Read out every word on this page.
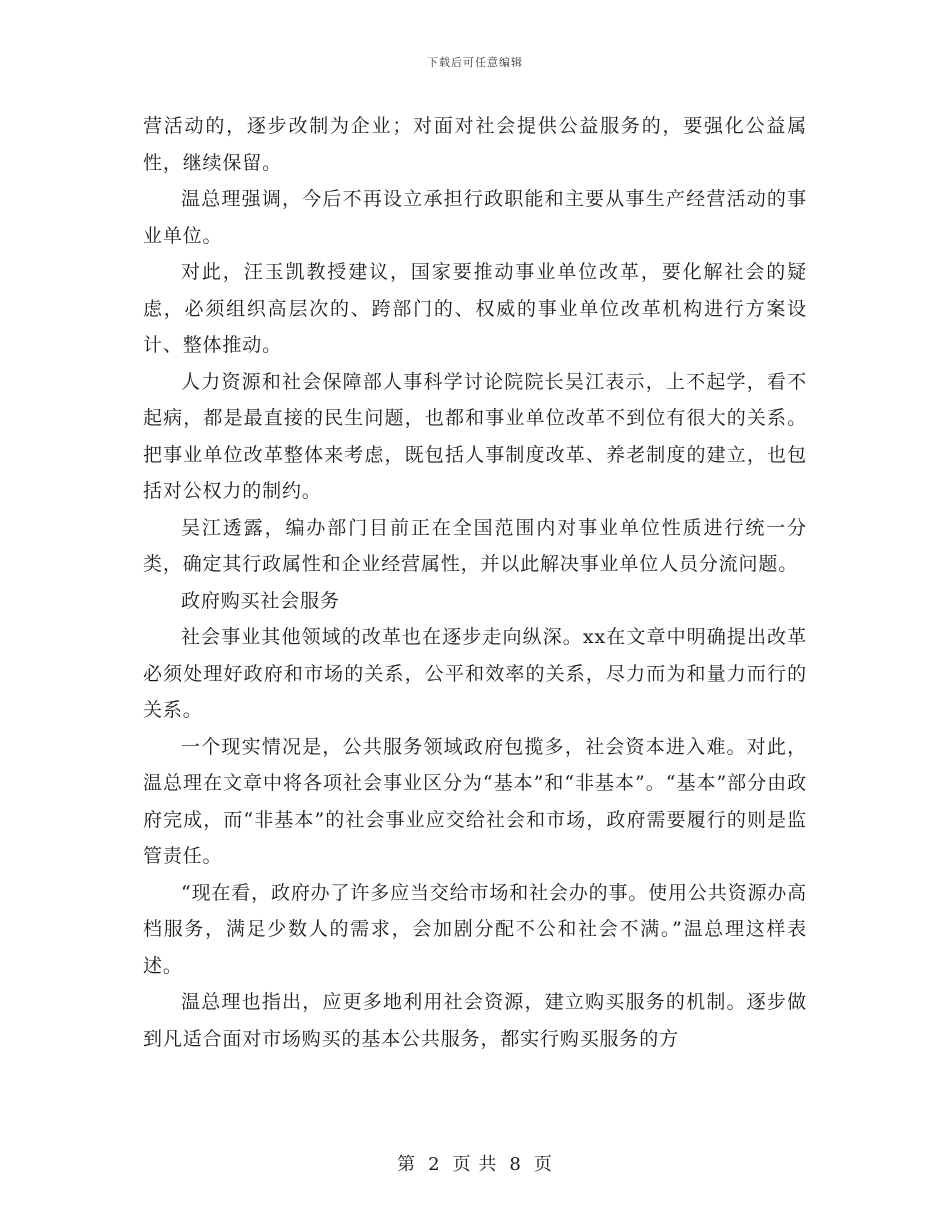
下载后可任意编辑

营活动的，逐步改制为企业；对面对社会提供公益服务的，要强化公益属性，继续保留。

温总理强调，今后不再设立承担行政职能和主要从事生产经营活动的事业单位。

对此，汪玉凯教授建议，国家要推动事业单位改革，要化解社会的疑虑，必须组织高层次的、跨部门的、权威的事业单位改革机构进行方案设计、整体推动。

人力资源和社会保障部人事科学讨论院院长吴江表示，上不起学，看不起病，都是最直接的民生问题，也都和事业单位改革不到位有很大的关系。把事业单位改革整体来考虑，既包括人事制度改革、养老制度的建立，也包括对公权力的制约。

吴江透露，编办部门目前正在全国范围内对事业单位性质进行统一分类，确定其行政属性和企业经营属性，并以此解决事业单位人员分流问题。

政府购买社会服务

社会事业其他领域的改革也在逐步走向纵深。xx在文章中明确提出改革必须处理好政府和市场的关系，公平和效率的关系，尽力而为和量力而行的关系。

一个现实情况是，公共服务领域政府包揽多，社会资本进入难。对此，温总理在文章中将各项社会事业区分为“基本”和“非基本”。“基本”部分由政府完成，而“非基本”的社会事业应交给社会和市场，政府需要履行的则是监管责任。

“现在看，政府办了许多应当交给市场和社会办的事。使用公共资源办高档服务，满足少数人的需求，会加剧分配不公和社会不满。”温总理这样表述。

温总理也指出，应更多地利用社会资源，建立购买服务的机制。逐步做到凡适合面对市场购买的基本公共服务，都实行购买服务的方

第 2 页 共 8 页
